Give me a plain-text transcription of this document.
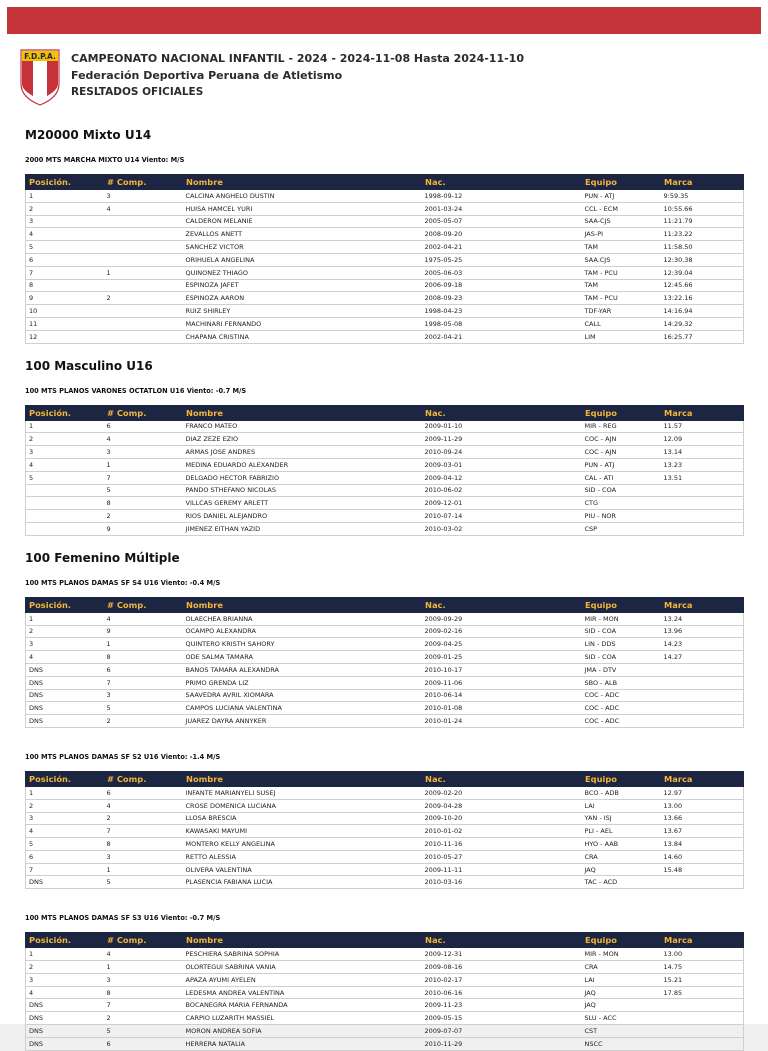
F.D.P.A. CAMPEONATO NACIONAL INFANTIL - 2024 - 2024-11-08 Hasta 2024-11-10
Federación Deportiva Peruana de Atletismo
RESLTADOS OFICIALES
M20000 Mixto U14
2000 MTS MARCHA MIXTO U14 Viento: M/S
Posición.	# Comp.	Nombre	Nac.	Equipo	Marca
1	3	CALCINA ANGHELO DUSTIN	1998-09-12	PUN - ATJ	9:59.35
2	4	HUISA HAMCEL YURI	2001-03-24	CCL - ECM	10:55.66
3		CALDERON MELANIE	2005-05-07	SAA-CJS	11:21.79
4		ZEVALLOS ANETT	2008-09-20	JAS-PI	11:23.22
5		SANCHEZ VICTOR	2002-04-21	TAM	11:58.50
6		ORIHUELA ANGELINA	1975-05-25	SAA.CJS	12:30.38
7	1	QUINONEZ THIAGO	2005-06-03	TAM - PCU	12:39.04
8		ESPINOZA JAFET	2006-09-18	TAM	12:45.66
9	2	ESPINOZA AARON	2008-09-23	TAM - PCU	13:22.16
10		RUIZ SHIRLEY	1998-04-23	TDF-YAR	14:16.94
11		MACHINARI FERNANDO	1998-05-08	CALL	14:29.32
12		CHAPANA CRISTINA	2002-04-21	LIM	16:25.77
100 Masculino U16
100 MTS PLANOS VARONES OCTATLON U16 Viento: -0.7 M/S
Posición.	# Comp.	Nombre	Nac.	Equipo	Marca
1	6	FRANCO MATEO	2009-01-10	MIR - REG	11.57
2	4	DIAZ ZEZE EZIO	2009-11-29	COC - AJN	12.09
3	3	ARMAS JOSE ANDRES	2010-09-24	COC - AJN	13.14
4	1	MEDINA EDUARDO ALEXANDER	2009-03-01	PUN - ATJ	13.23
5	7	DELGADO HECTOR FABRIZIO	2009-04-12	CAL - ATI	13.51
	5	PANDO STHEFANO NICOLAS	2010-06-02	SID - COA	
	8	VILLCAS GEREMY ARLETT	2009-12-01	CTG	
	2	RIOS DANIEL ALEJANDRO	2010-07-14	PIU - NOR	
	9	JIMENEZ EITHAN YAZID	2010-03-02	CSP	
100 Femenino Múltiple
100 MTS PLANOS DAMAS SF S4 U16 Viento: -0.4 M/S
Posición.	# Comp.	Nombre	Nac.	Equipo	Marca
1	4	OLAECHEA BRIANNA	2009-09-29	MIR - MON	13.24
2	9	OCAMPO ALEXANDRA	2009-02-16	SID - COA	13.96
3	1	QUINTERO KRISTH SAHORY	2009-04-25	LIN - DDS	14.23
4	8	ODE SALMA TAMARA	2009-01-25	SID - COA	14.27
DNS	6	BANOS TAMARA ALEXANDRA	2010-10-17	JMA - DTV	
DNS	7	PRIMO GRENDA LIZ	2009-11-06	SBO - ALB	
DNS	3	SAAVEDRA AVRIL XIOMARA	2010-06-14	COC - ADC	
DNS	5	CAMPOS LUCIANA VALENTINA	2010-01-08	COC - ADC	
DNS	2	JUAREZ DAYRA ANNYKER	2010-01-24	COC - ADC	
100 MTS PLANOS DAMAS SF S2 U16 Viento: -1.4 M/S
Posición.	# Comp.	Nombre	Nac.	Equipo	Marca
1	6	INFANTE MARIANYELI SUSEJ	2009-02-20	BCO - ADB	12.97
2	4	CROSE DOMENICA LUCIANA	2009-04-28	LAI	13.00
3	2	LLOSA BRESCIA	2009-10-20	YAN - ISJ	13.66
4	7	KAWASAKI MAYUMI	2010-01-02	PLI - AEL	13.67
5	8	MONTERO KELLY ANGELINA	2010-11-16	HYO - AAB	13.84
6	3	RETTO ALESSIA	2010-05-27	CRA	14.60
7	1	OLIVERA VALENTINA	2009-11-11	JAQ	15.48
DNS	5	PLASENCIA FABIANA LUCIA	2010-03-16	TAC - ACD	
100 MTS PLANOS DAMAS SF S3 U16 Viento: -0.7 M/S
Posición.	# Comp.	Nombre	Nac.	Equipo	Marca
1	4	PESCHIERA SABRINA SOPHIA	2009-12-31	MIR - MON	13.00
2	1	OLORTEGUI SABRINA VANIA	2009-08-16	CRA	14.75
3	3	APAZA AYUMI AYELEN	2010-02-17	LAI	15.21
4	8	LEDESMA ANDREA VALENTINA	2010-06-16	JAQ	17.85
DNS	7	BOCANEGRA MARIA FERNANDA	2009-11-23	JAQ	
DNS	2	CARPIO LUZARITH MASSIEL	2009-05-15	SLU - ACC	
DNS	5	MORON ANDREA SOFIA	2009-07-07	CST	
DNS	6	HERRERA NATALIA	2010-11-29	NSCC	
